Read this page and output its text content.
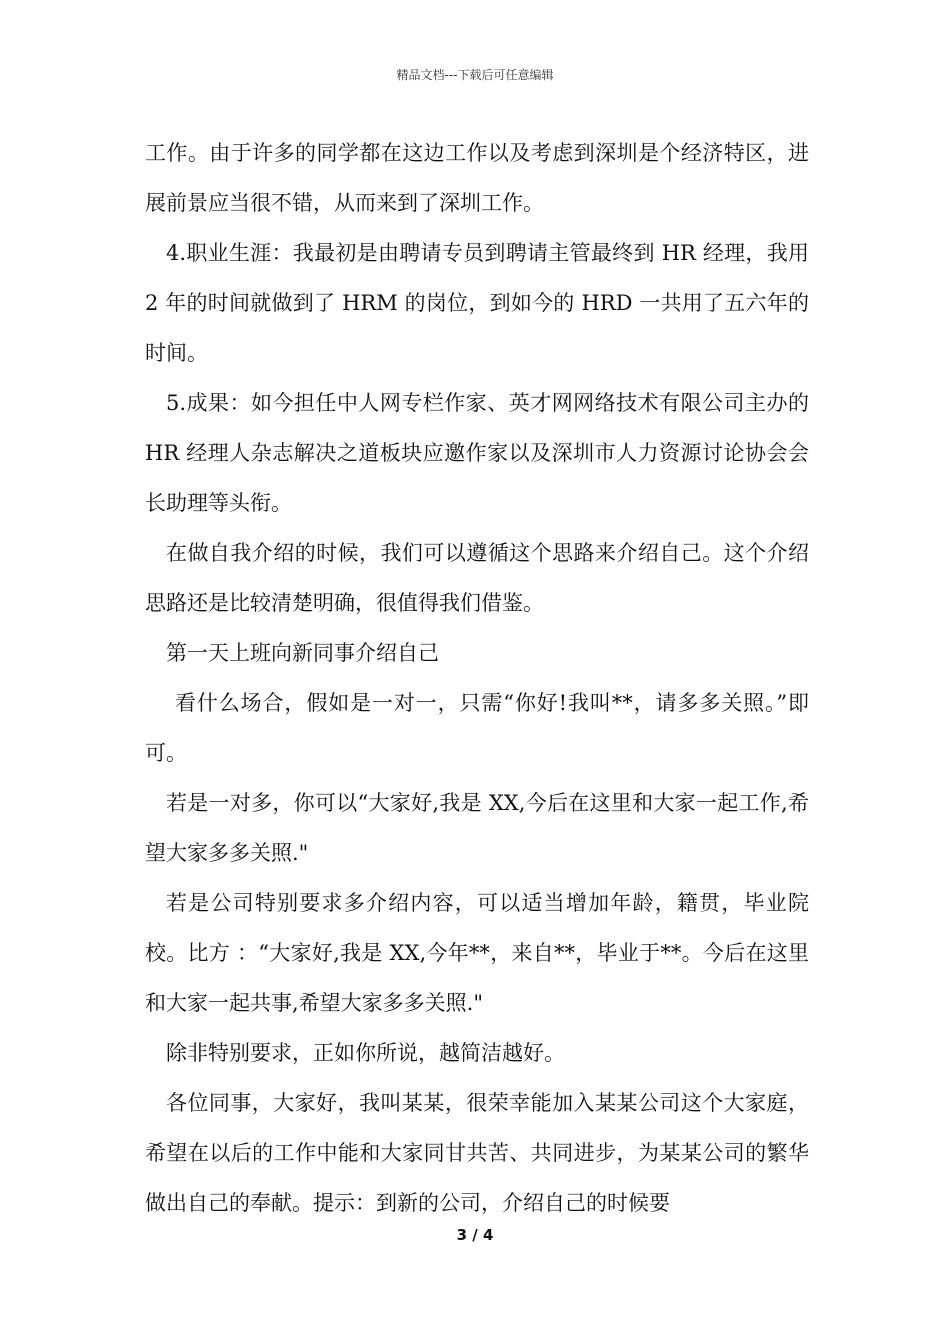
精品文档---下载后可任意编辑

工作。由于许多的同学都在这边工作以及考虑到深圳是个经济特区，进展前景应当很不错，从而来到了深圳工作。

4.职业生涯：我最初是由聘请专员到聘请主管最终到 HR 经理，我用 2 年的时间就做到了 HRM 的岗位，到如今的 HRD 一共用了五六年的时间。

5.成果：如今担任中人网专栏作家、英才网网络技术有限公司主办的 HR 经理人杂志解决之道板块应邀作家以及深圳市人力资源讨论协会会长助理等头衔。

在做自我介绍的时候，我们可以遵循这个思路来介绍自己。这个介绍思路还是比较清楚明确，很值得我们借鉴。

第一天上班向新同事介绍自己

看什么场合，假如是一对一，只需“你好!我叫**，请多多关照。”即可。

若是一对多，你可以“大家好,我是 XX,今后在这里和大家一起工作,希望大家多多关照."

若是公司特别要求多介绍内容，可以适当增加年龄，籍贯，毕业院校。比方 ：“大家好,我是 XX,今年**，来自**，毕业于**。今后在这里和大家一起共事,希望大家多多关照."

除非特别要求，正如你所说，越简洁越好。

各位同事，大家好，我叫某某，很荣幸能加入某某公司这个大家庭，希望在以后的工作中能和大家同甘共苦、共同进步，为某某公司的繁华做出自己的奉献。提示：到新的公司，介绍自己的时候要

3 / 4
